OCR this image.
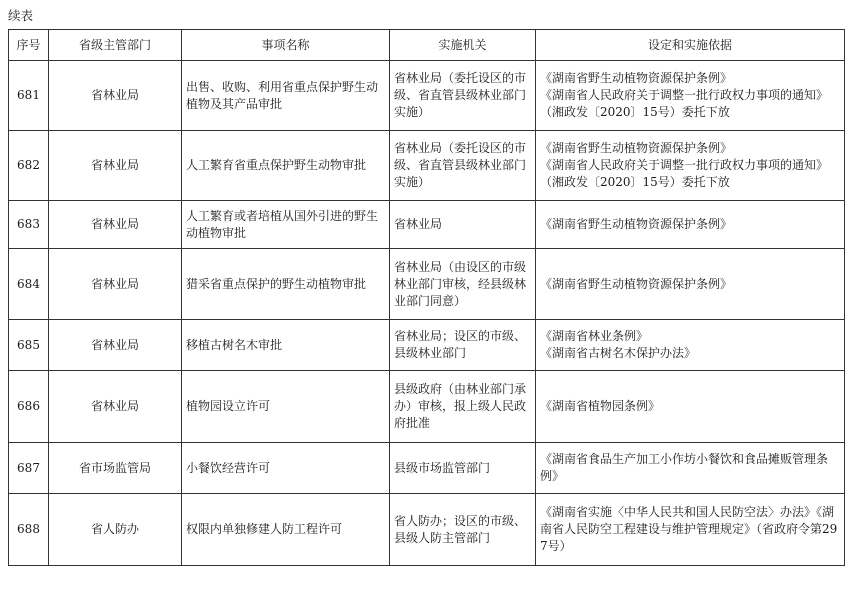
续表
序号	省级主管部门	事项名称	实施机关	设定和实施依据
681	省林业局	出售、收购、利用省重点保护野生动植物及其产品审批	省林业局（委托设区的市级、省直管县级林业部门实施）	《湖南省野生动植物资源保护条例》
《湖南省人民政府关于调整一批行政权力事项的通知》（湘政发〔2020〕15号）委托下放

682	省林业局	人工繁育省重点保护野生动物审批	省林业局（委托设区的市级、省直管县级林业部门实施）	《湖南省野生动植物资源保护条例》
《湖南省人民政府关于调整一批行政权力事项的通知》（湘政发〔2020〕15号）委托下放

683	省林业局	人工繁育或者培植从国外引进的野生动植物审批	省林业局	《湖南省野生动植物资源保护条例》

684	省林业局	猎采省重点保护的野生动植物审批	省林业局（由设区的市级林业部门审核，经县级林业部门同意）	《湖南省野生动植物资源保护条例》

685	省林业局	移植古树名木审批	省林业局；设区的市级、县级林业部门	《湖南省林业条例》
《湖南省古树名木保护办法》

686	省林业局	植物园设立许可	县级政府（由林业部门承办）审核，报上级人民政府批准	《湖南省植物园条例》

687	省市场监管局	小餐饮经营许可	县级市场监管部门	《湖南省食品生产加工小作坊小餐饮和食品摊贩管理条例》

688	省人防办	权限内单独修建人防工程许可	省人防办；设区的市级、县级人防主管部门	《湖南省实施〈中华人民共和国人民防空法〉办法》《湖南省人民防空工程建设与维护管理规定》（省政府令第297号）
